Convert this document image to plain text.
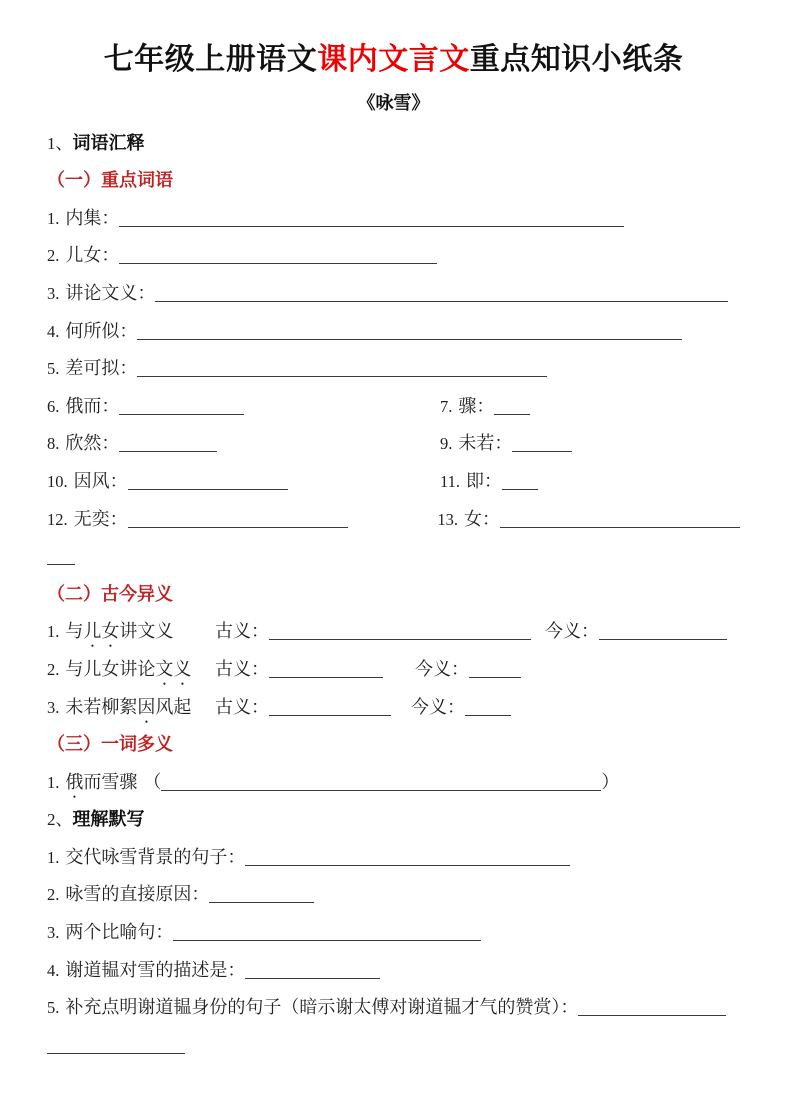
七年级上册语文课内文言文重点知识小纸条
《咏雪》
1、词语汇释
（一）重点词语
1. 内集：
2. 儿女：
3. 讲论文义：
4. 何所似：
5. 差可拟：
6. 俄而：	7. 骤：
8. 欣然：	9. 未若：
10. 因风：	11. 即：
12. 无奕：	13. 女：
（二）古今异义
1. 与儿女讲文义 古义：	今义：
2. 与儿女讲论文义 古义：	今义：
3. 未若柳絮因风起 古义：	今义：
（三）一词多义
1. 俄而雪骤 （	）
2、理解默写
1. 交代咏雪背景的句子：
2. 咏雪的直接原因：
3. 两个比喻句：
4. 谢道韫对雪的描述是：
5. 补充点明谢道韫身份的句子（暗示谢太傅对谢道韫才气的赞赏）：
